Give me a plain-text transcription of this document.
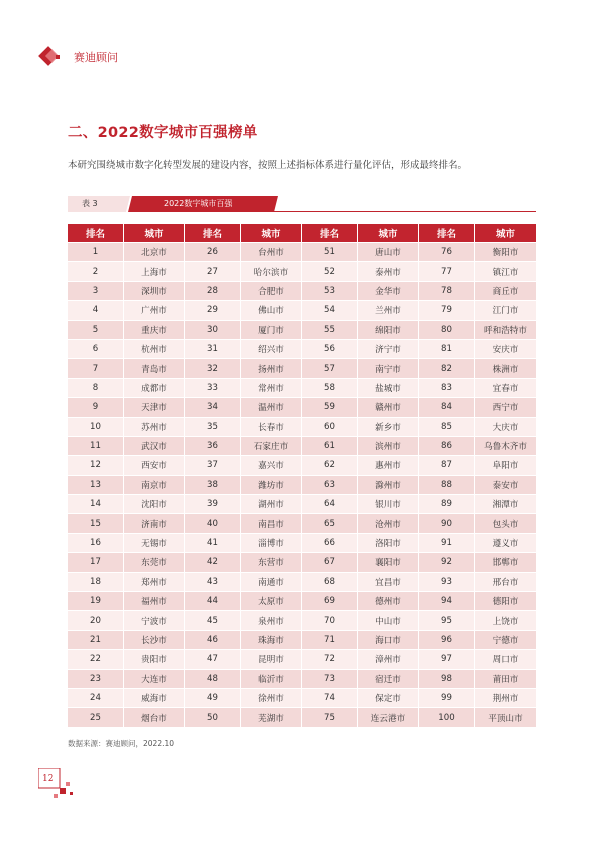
赛迪顾问
二、2022数字城市百强榜单
本研究围绕城市数字化转型发展的建设内容，按照上述指标体系进行量化评估，形成最终排名。
表 3	2022数字城市百强
排名	城市	排名	城市	排名	城市	排名	城市
1	北京市	26	台州市	51	唐山市	76	衡阳市
2	上海市	27	哈尔滨市	52	泰州市	77	镇江市
3	深圳市	28	合肥市	53	金华市	78	商丘市
4	广州市	29	佛山市	54	兰州市	79	江门市
5	重庆市	30	厦门市	55	绵阳市	80	呼和浩特市
6	杭州市	31	绍兴市	56	济宁市	81	安庆市
7	青岛市	32	扬州市	57	南宁市	82	株洲市
8	成都市	33	常州市	58	盐城市	83	宜春市
9	天津市	34	温州市	59	赣州市	84	西宁市
10	苏州市	35	长春市	60	新乡市	85	大庆市
11	武汉市	36	石家庄市	61	滨州市	86	乌鲁木齐市
12	西安市	37	嘉兴市	62	惠州市	87	阜阳市
13	南京市	38	潍坊市	63	滁州市	88	泰安市
14	沈阳市	39	湖州市	64	银川市	89	湘潭市
15	济南市	40	南昌市	65	沧州市	90	包头市
16	无锡市	41	淄博市	66	洛阳市	91	遵义市
17	东莞市	42	东营市	67	襄阳市	92	邯郸市
18	郑州市	43	南通市	68	宜昌市	93	邢台市
19	福州市	44	太原市	69	德州市	94	德阳市
20	宁波市	45	泉州市	70	中山市	95	上饶市
21	长沙市	46	珠海市	71	海口市	96	宁德市
22	贵阳市	47	昆明市	72	漳州市	97	周口市
23	大连市	48	临沂市	73	宿迁市	98	莆田市
24	威海市	49	徐州市	74	保定市	99	荆州市
25	烟台市	50	芜湖市	75	连云港市	100	平顶山市
数据来源：赛迪顾问，2022.10
12
